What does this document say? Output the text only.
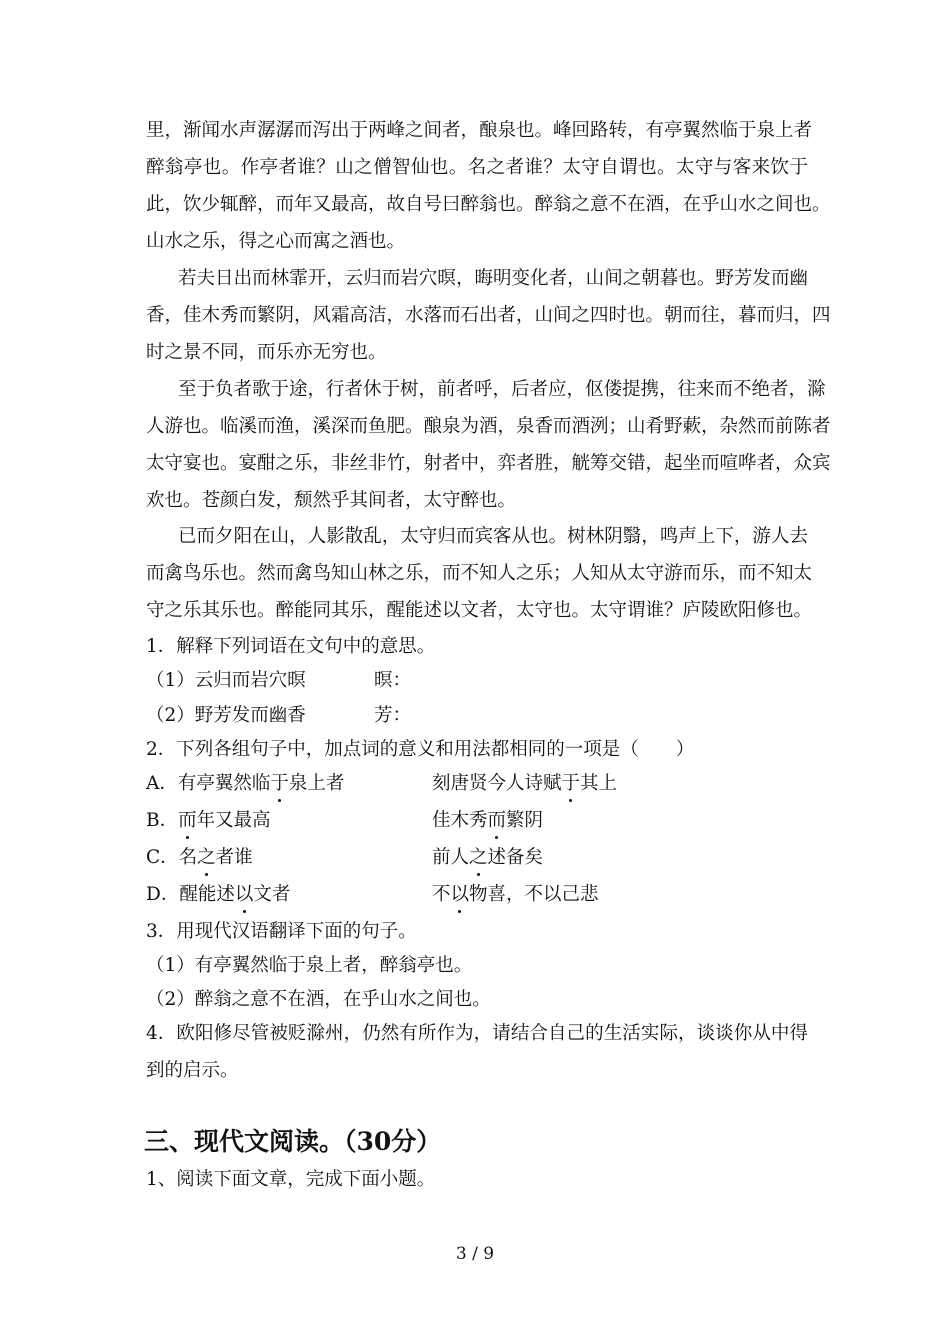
里，渐闻水声潺潺而泻出于两峰之间者，酿泉也。峰回路转，有亭翼然临于泉上者
醉翁亭也。作亭者谁？山之僧智仙也。名之者谁？太守自谓也。太守与客来饮于
此，饮少辄醉，而年又最高，故自号曰醉翁也。醉翁之意不在酒，在乎山水之间也。
山水之乐，得之心而寓之酒也。
若夫日出而林霏开，云归而岩穴暝，晦明变化者，山间之朝暮也。野芳发而幽
香，佳木秀而繁阴，风霜高洁，水落而石出者，山间之四时也。朝而往，暮而归，四
时之景不同，而乐亦无穷也。
至于负者歌于途，行者休于树，前者呼，后者应，伛偻提携，往来而不绝者，滁
人游也。临溪而渔，溪深而鱼肥。酿泉为酒，泉香而酒洌；山肴野蔌，杂然而前陈者
太守宴也。宴酣之乐，非丝非竹，射者中，弈者胜，觥筹交错，起坐而喧哗者，众宾
欢也。苍颜白发，颓然乎其间者，太守醉也。
已而夕阳在山，人影散乱，太守归而宾客从也。树林阴翳，鸣声上下，游人去
而禽鸟乐也。然而禽鸟知山林之乐，而不知人之乐；人知从太守游而乐，而不知太
守之乐其乐也。醉能同其乐，醒能述以文者，太守也。太守谓谁？庐陵欧阳修也。
1．解释下列词语在文句中的意思。
（1）云归而岩穴暝	暝：
（2）野芳发而幽香	芳：
2．下列各组句子中，加点词的意义和用法都相同的一项是（　　）
A．有亭翼然临于泉上者	刻唐贤今人诗赋于其上
B．而年又最高	佳木秀而繁阴
C．名之者谁	前人之述备矣
D．醒能述以文者	不以物喜，不以己悲
3．用现代汉语翻译下面的句子。
（1）有亭翼然临于泉上者，醉翁亭也。
（2）醉翁之意不在酒，在乎山水之间也。
4．欧阳修尽管被贬滁州，仍然有所作为，请结合自己的生活实际，谈谈你从中得
到的启示。
三、现代文阅读。（30分）
1、阅读下面文章，完成下面小题。
3 / 9
